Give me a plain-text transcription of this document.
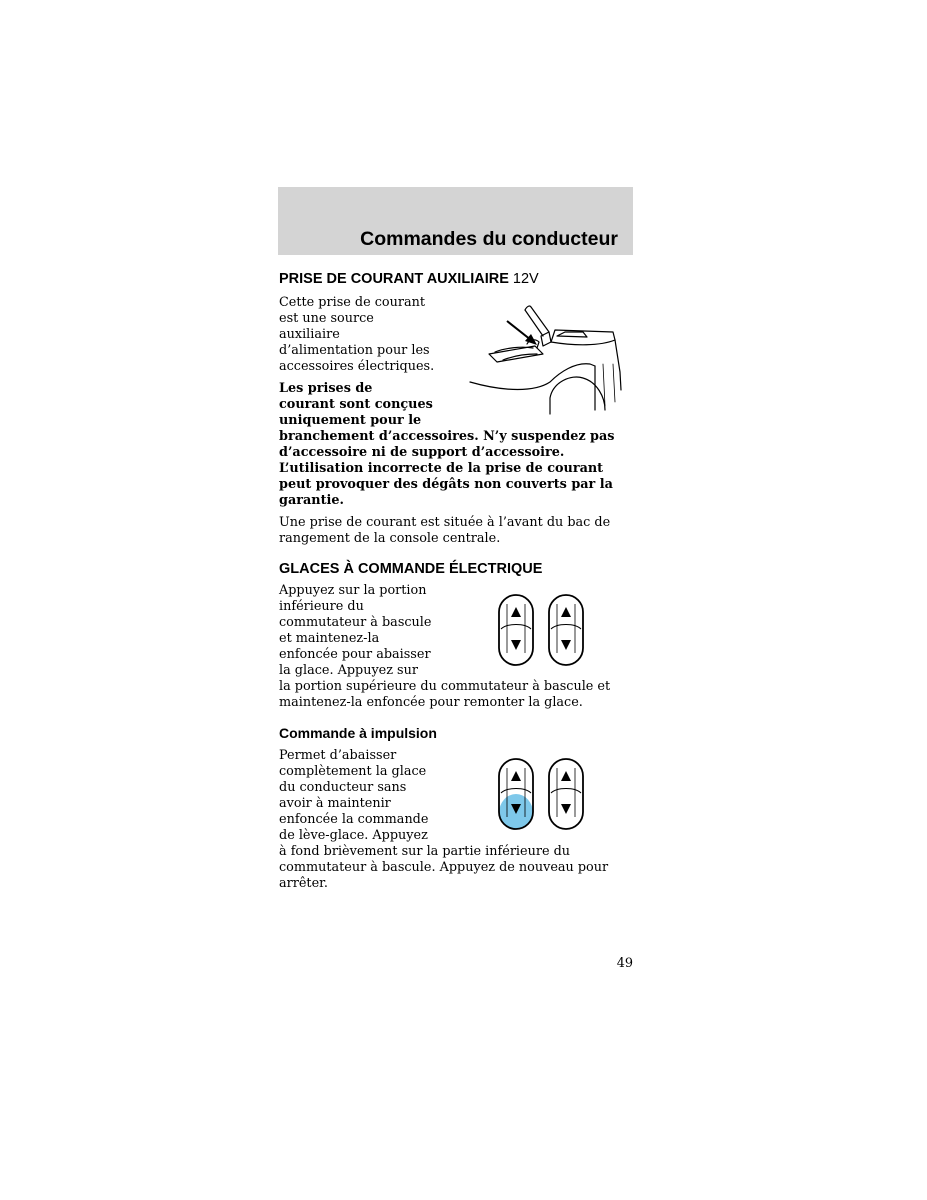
Commandes du conducteur
PRISE DE COURANT AUXILIAIRE 12V

Cette prise de courant
est une source
auxiliaire
d’alimentation pour les
accessoires électriques.

Les prises de
courant sont conçues
uniquement pour le
branchement d’accessoires. N’y suspendez pas
d’accessoire ni de support d’accessoire.
L’utilisation incorrecte de la prise de courant
peut provoquer des dégâts non couverts par la
garantie.

Une prise de courant est située à l’avant du bac de
rangement de la console centrale.

GLACES À COMMANDE ÉLECTRIQUE

Appuyez sur la portion
inférieure du
commutateur à bascule
et maintenez-la
enfoncée pour abaisser
la glace. Appuyez sur
la portion supérieure du commutateur à bascule et
maintenez-la enfoncée pour remonter la glace.

Commande à impulsion

Permet d’abaisser
complètement la glace
du conducteur sans
avoir à maintenir
enfoncée la commande
de lève-glace. Appuyez
à fond brièvement sur la partie inférieure du
commutateur à bascule. Appuyez de nouveau pour
arrêter.

49
